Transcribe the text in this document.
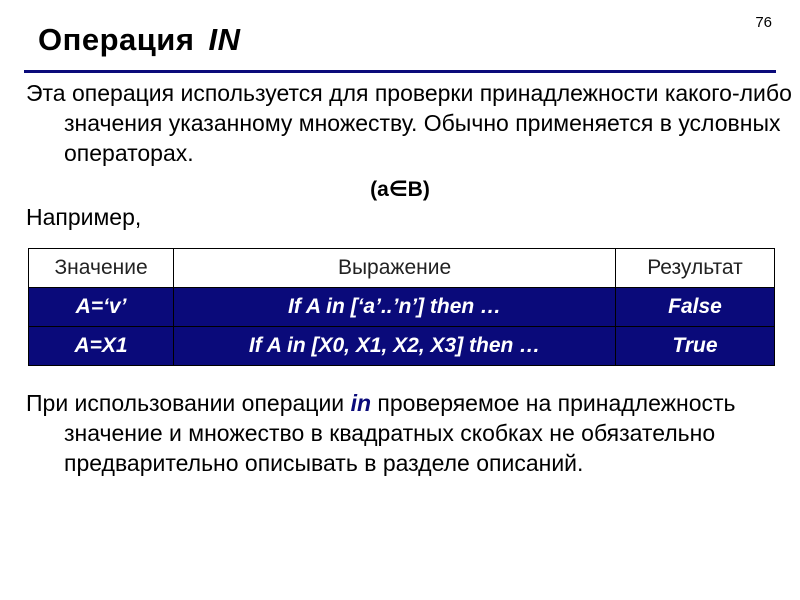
76
Операция IN
Эта операция используется для проверки принадлежности какого-либо значения указанному множеству. Обычно применяется в условных операторах.
(a∈B)
Например,
Значение	Выражение	Результат
A=‘v’	If A in [‘a’..’n’] then …	False
A=X1	If A in [X0, X1, X2, X3] then …	True
При использовании операции in проверяемое на принадлежность значение и множество в квадратных скобках не обязательно предварительно описывать в разделе описаний.
